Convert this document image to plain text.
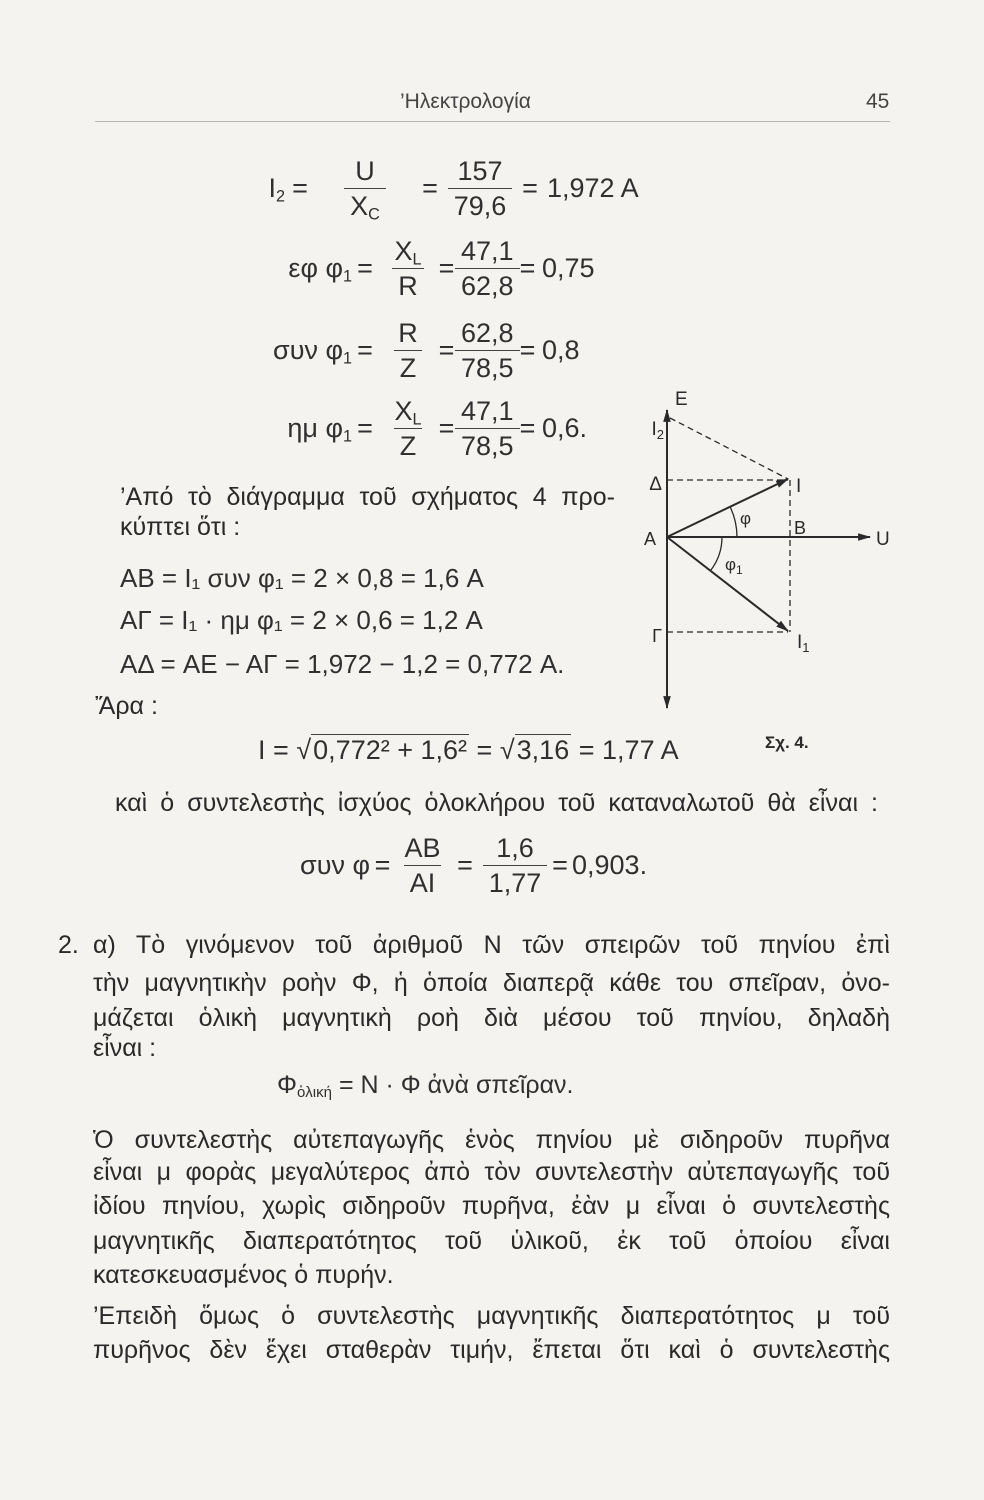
’Ηλεκτρολογία	45
$I_2 = \frac{U}{X_C} = \frac{157}{79,6} = 1,972$ A
εφ $\varphi_1 = \frac{X_L}{R} = \frac{47,1}{62,8} = 0,75$
συν $\varphi_1 = \frac{R}{Z} = \frac{62,8}{78,5} = 0,8$
ημ $\varphi_1 = \frac{X_L}{Z} = \frac{47,1}{78,5} = 0,6$.
’Από τὸ διάγραμμα τοῦ σχήματος 4 προ-
κύπτει ὅτι :
AB = I₁ συν φ₁ = 2 × 0,8 = 1,6 A
AΓ = I₁ · ημ φ₁ = 2 × 0,6 = 1,2 A
AΔ = AE − AΓ = 1,972 − 1,2 = 0,772 A.
Ἄρα :
I = √0,772² + 1,6² = √3,16 = 1,77 A
καὶ ὁ συντελεστὴς ἰσχύος ὁλοκλήρου τοῦ καταναλωτοῦ θὰ εἶναι :
συν $\varphi = \frac{AB}{AI} = \frac{1,6}{1,77} = 0,903$.
2. α) Τὸ γινόμενον τοῦ ἀριθμοῦ N τῶν σπειρῶν τοῦ πηνίου ἐπὶ
τὴν μαγνητικὴν ροὴν Φ, ἡ ὁποία διαπερᾷ κάθε του σπεῖραν, ὀνο-
μάζεται ὁλικὴ μαγνητικὴ ροὴ διὰ μέσου τοῦ πηνίου, δηλαδὴ
εἶναι :
$\Phi_{ὁ\lambda\iota\kappa ή} = N \cdot \Phi$ ἀνὰ σπεῖραν.
Ὁ συντελεστὴς αὐτεπαγωγῆς ἑνὸς πηνίου μὲ σιδηροῦν πυρῆνα
εἶναι μ φορὰς μεγαλύτερος ἀπὸ τὸν συντελεστὴν αὐτεπαγωγῆς τοῦ
ἰδίου πηνίου, χωρὶς σιδηροῦν πυρῆνα, ἐὰν μ εἶναι ὁ συντελεστὴς
μαγνητικῆς διαπερατότητος τοῦ ὑλικοῦ, ἐκ τοῦ ὁποίου εἶναι
κατεσκευασμένος ὁ πυρήν.
’Επειδὴ ὅμως ὁ συντελεστὴς μαγνητικῆς διαπερατότητος μ τοῦ
πυρῆνος δὲν ἔχει σταθερὰν τιμήν, ἔπεται ὅτι καὶ ὁ συντελεστὴς
E
$I_2$
Δ	I
φ B
U
A
$\varphi_1$
Γ	$I_1$
Σχ. 4.
